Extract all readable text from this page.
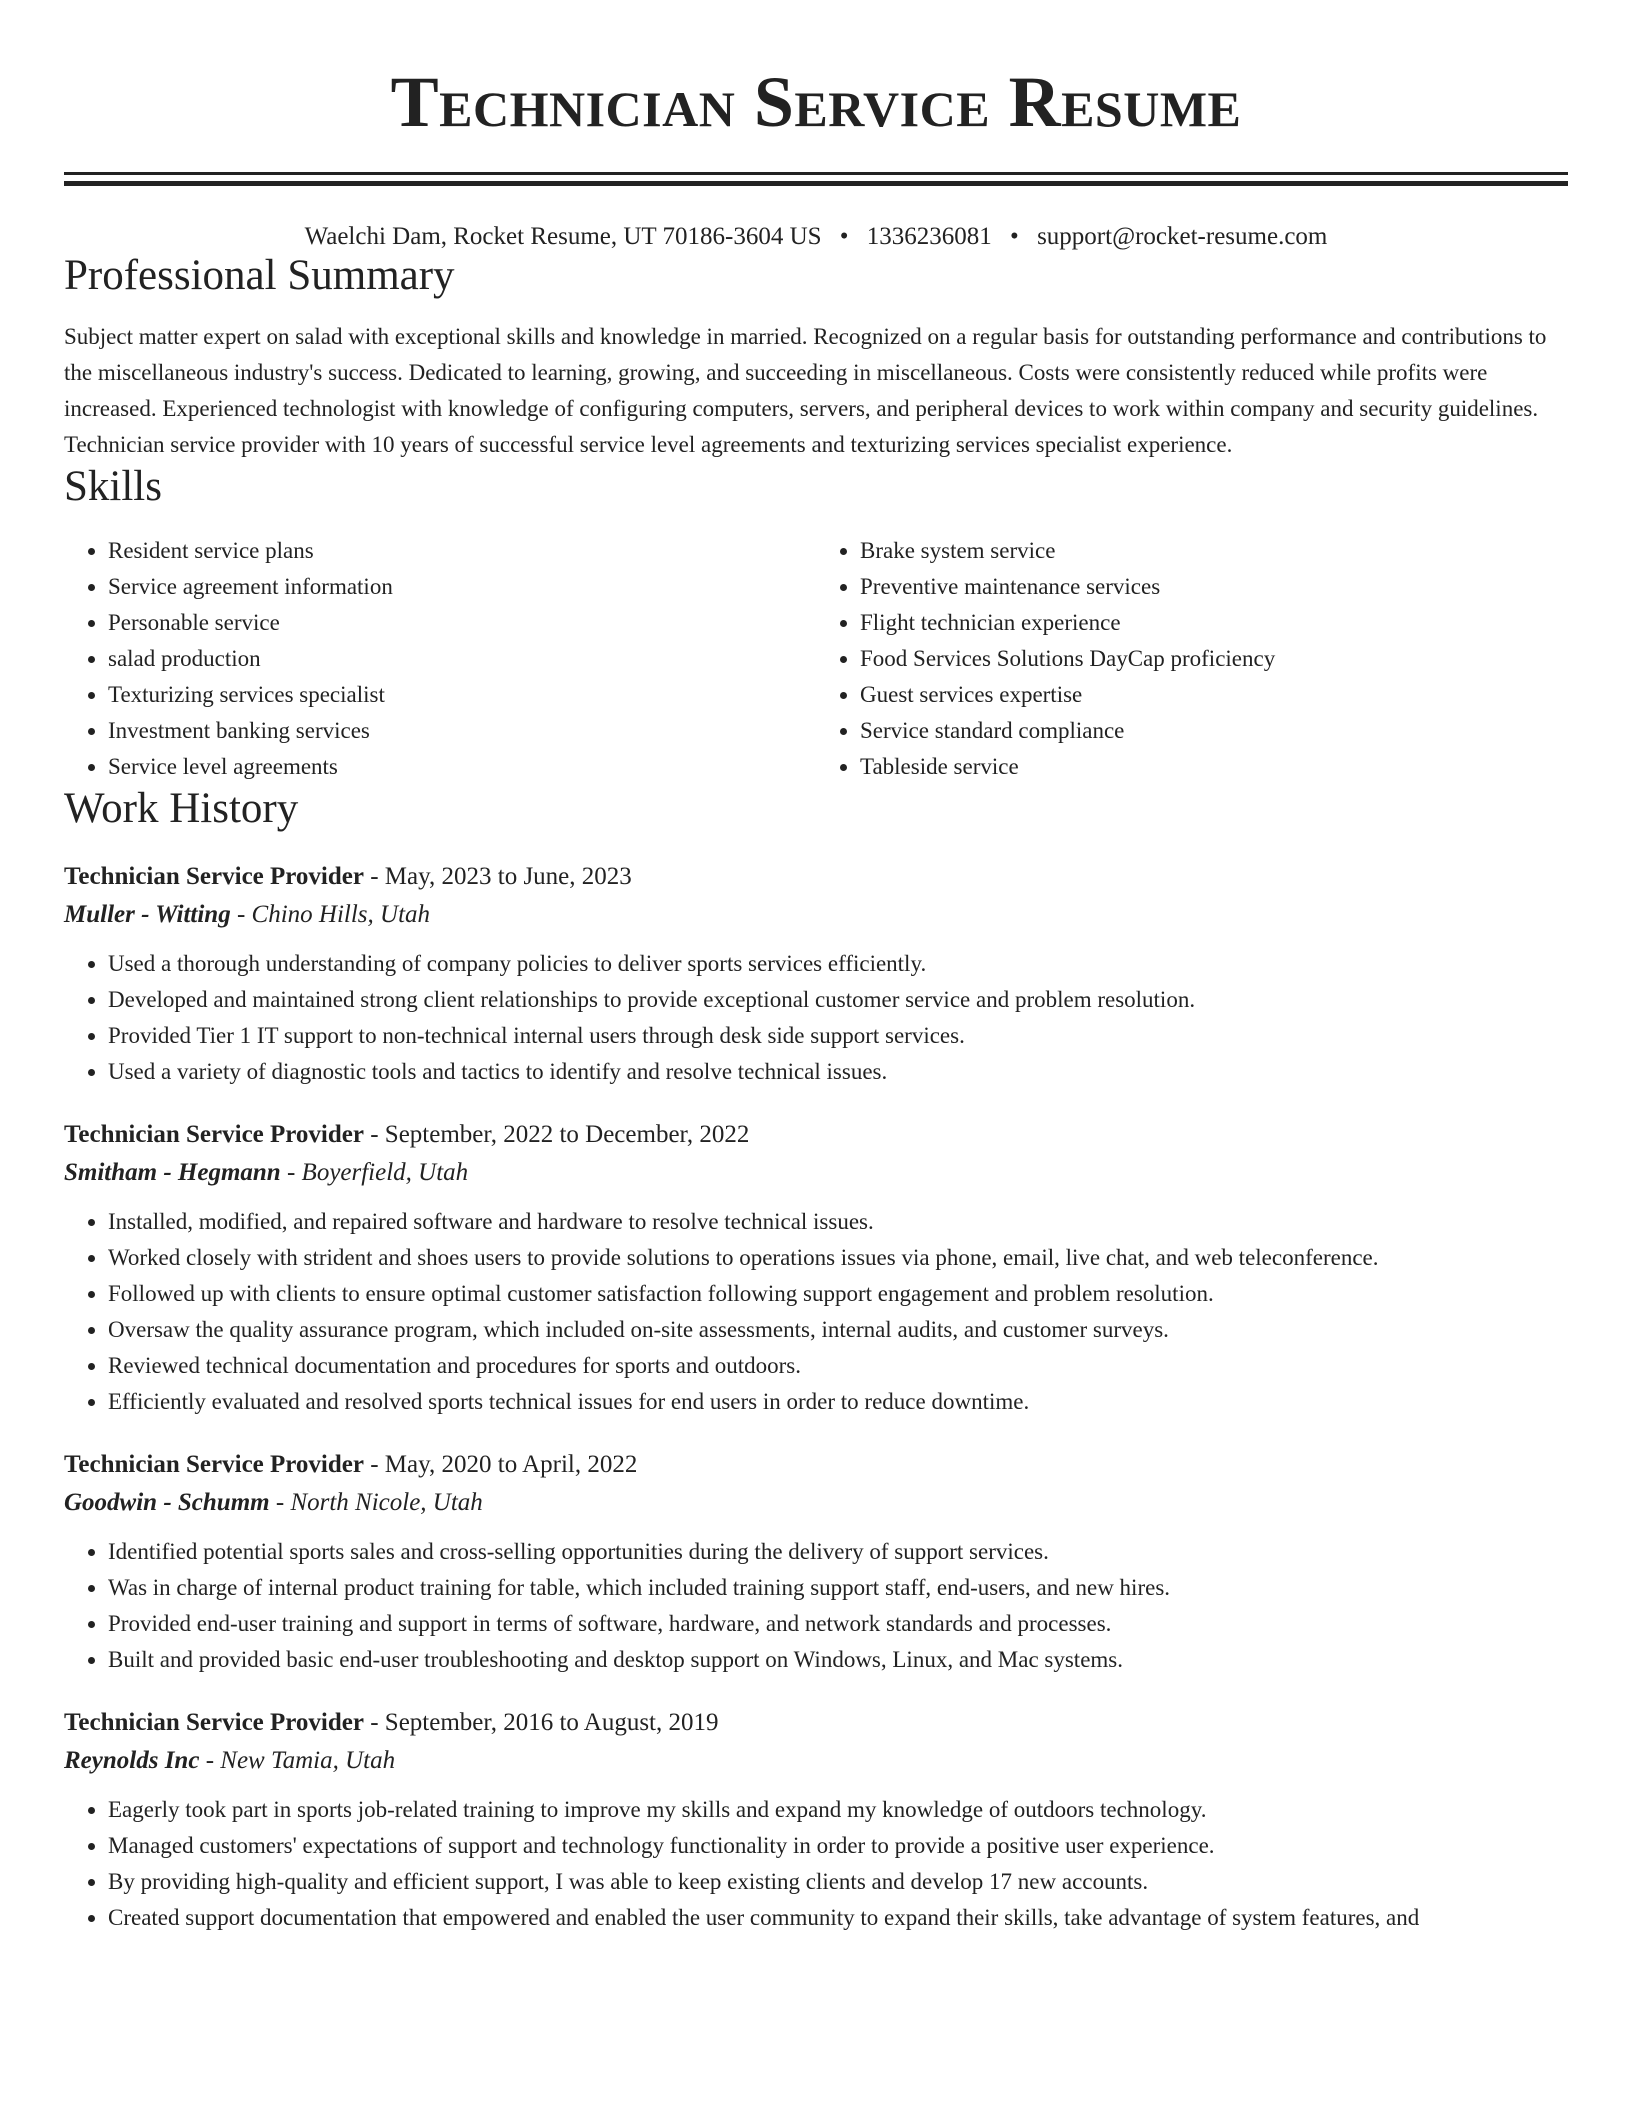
Technician Service Resume
Waelchi Dam, Rocket Resume, UT 70186-3604 US • 1336236081 • support@rocket-resume.com
Professional Summary

Subject matter expert on salad with exceptional skills and knowledge in married. Recognized on a regular basis for outstanding performance and contributions to the miscellaneous industry's success. Dedicated to learning, growing, and succeeding in miscellaneous. Costs were consistently reduced while profits were increased. Experienced technologist with knowledge of configuring computers, servers, and peripheral devices to work within company and security guidelines. Technician service provider with 10 years of successful service level agreements and texturizing services specialist experience.

Skills
• Resident service plans
• Service agreement information
• Personable service
• salad production
• Texturizing services specialist
• Investment banking services
• Service level agreements
• Brake system service
• Preventive maintenance services
• Flight technician experience
• Food Services Solutions DayCap proficiency
• Guest services expertise
• Service standard compliance
• Tableside service
Work History
Technician Service Provider - May, 2023 to June, 2023
Muller - Witting - Chino Hills, Utah
• Used a thorough understanding of company policies to deliver sports services efficiently.
• Developed and maintained strong client relationships to provide exceptional customer service and problem resolution.
• Provided Tier 1 IT support to non-technical internal users through desk side support services.
• Used a variety of diagnostic tools and tactics to identify and resolve technical issues.
Technician Service Provider - September, 2022 to December, 2022
Smitham - Hegmann - Boyerfield, Utah
• Installed, modified, and repaired software and hardware to resolve technical issues.
• Worked closely with strident and shoes users to provide solutions to operations issues via phone, email, live chat, and web teleconference.
• Followed up with clients to ensure optimal customer satisfaction following support engagement and problem resolution.
• Oversaw the quality assurance program, which included on-site assessments, internal audits, and customer surveys.
• Reviewed technical documentation and procedures for sports and outdoors.
• Efficiently evaluated and resolved sports technical issues for end users in order to reduce downtime.
Technician Service Provider - May, 2020 to April, 2022
Goodwin - Schumm - North Nicole, Utah
• Identified potential sports sales and cross-selling opportunities during the delivery of support services.
• Was in charge of internal product training for table, which included training support staff, end-users, and new hires.
• Provided end-user training and support in terms of software, hardware, and network standards and processes.
• Built and provided basic end-user troubleshooting and desktop support on Windows, Linux, and Mac systems.
Technician Service Provider - September, 2016 to August, 2019
Reynolds Inc - New Tamia, Utah
• Eagerly took part in sports job-related training to improve my skills and expand my knowledge of outdoors technology.
• Managed customers' expectations of support and technology functionality in order to provide a positive user experience.
• By providing high-quality and efficient support, I was able to keep existing clients and develop 17 new accounts.
• Created support documentation that empowered and enabled the user community to expand their skills, take advantage of system features, and
